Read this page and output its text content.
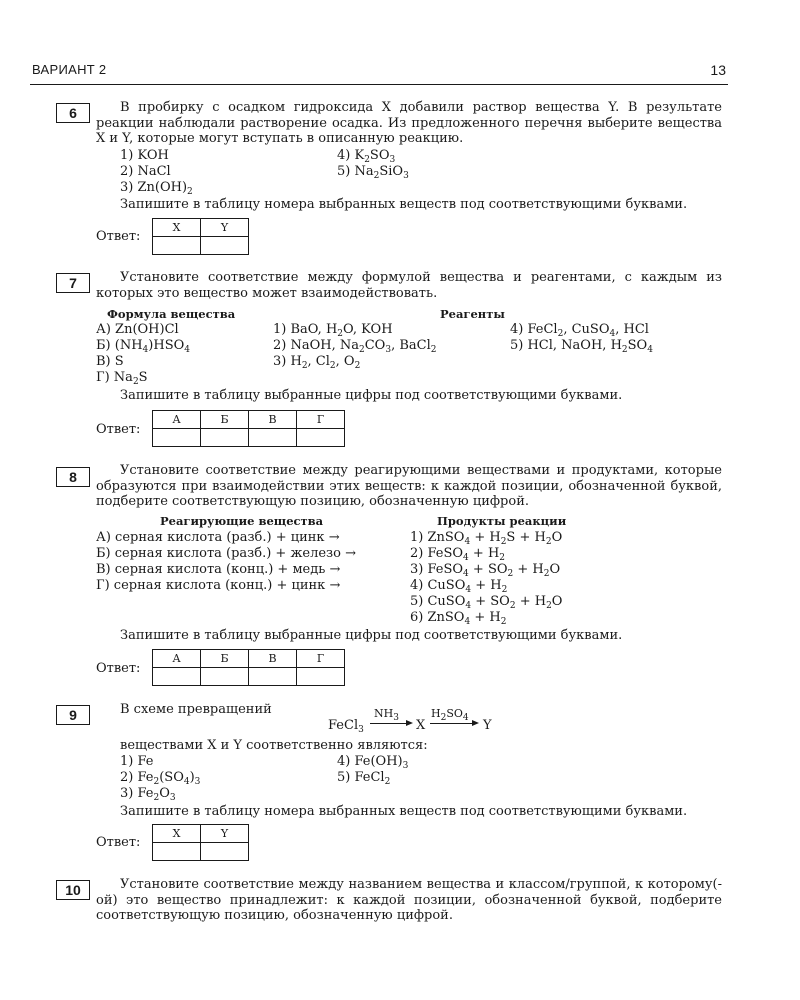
ВАРИАНТ 2	13
6	В пробирку с осадком гидроксида X добавили раствор вещества Y. В результате реакции наблюдали растворение осадка. Из предложенного перечня выберите вещества X и Y, которые могут вступать в описанную реакцию.
1) KOH
2) NaCl
3) $Zn(OH)_2$
4) $K_2SO_3$
5) $Na_2SiO_3$
Запишите в таблицу номера выбранных веществ под соответствующими буквами.
Ответ:
X	Y

7	Установите соответствие между формулой вещества и реагентами, с каждым из которых это вещество может взаимодействовать.
Формула вещества	Реагенты
А) Zn(OH)Cl
Б) $(NH_4)HSO_4$
В) S
Г) $Na_2S$
1) BaO, $H_2O$, KOH
2) NaOH, $Na_2CO_3$, BaCl$_2$
3) $H_2$, $Cl_2$, $O_2$
4) FeCl$_2$, CuSO$_4$, HCl
5) HCl, NaOH, $H_2SO_4$
Запишите в таблицу выбранные цифры под соответствующими буквами.
Ответ:
А	Б	В	Г

8	Установите соответствие между реагирующими веществами и продуктами, которые образуются при взаимодействии этих веществ: к каждой позиции, обозначенной буквой, подберите соответствующую позицию, обозначенную цифрой.
Реагирующие вещества	Продукты реакции
А) серная кислота (разб.) + цинк →
Б) серная кислота (разб.) + железо →
В) серная кислота (конц.) + медь →
Г) серная кислота (конц.) + цинк →
1) ZnSO$_4$ + $H_2S + H_2O$
2) FeSO$_4$ + $H_2$
3) FeSO$_4$ + $SO_2 + H_2O$
4) CuSO$_4$ + $H_2$
5) CuSO$_4$ + $SO_2 + H_2O$
6) ZnSO$_4$ + $H_2$
Запишите в таблицу выбранные цифры под соответствующими буквами.
Ответ:
А	Б	В	Г

9	В схеме превращений
FeCl$_3$
$NH_3$ X
$H_2SO_4$ Y
веществами X и Y соответственно являются:
1) Fe
2) $Fe_2(SO_4)_3$
3) $Fe_2O_3$
4) $Fe(OH)_3$
5) FeCl$_2$
Запишите в таблицу номера выбранных веществ под соответствующими буквами.
Ответ:
X	Y

10	Установите соответствие между названием вещества и классом/группой, к которому(-ой) это вещество принадлежит: к каждой позиции, обозначенной буквой, подберите соответствующую позицию, обозначенную цифрой.
